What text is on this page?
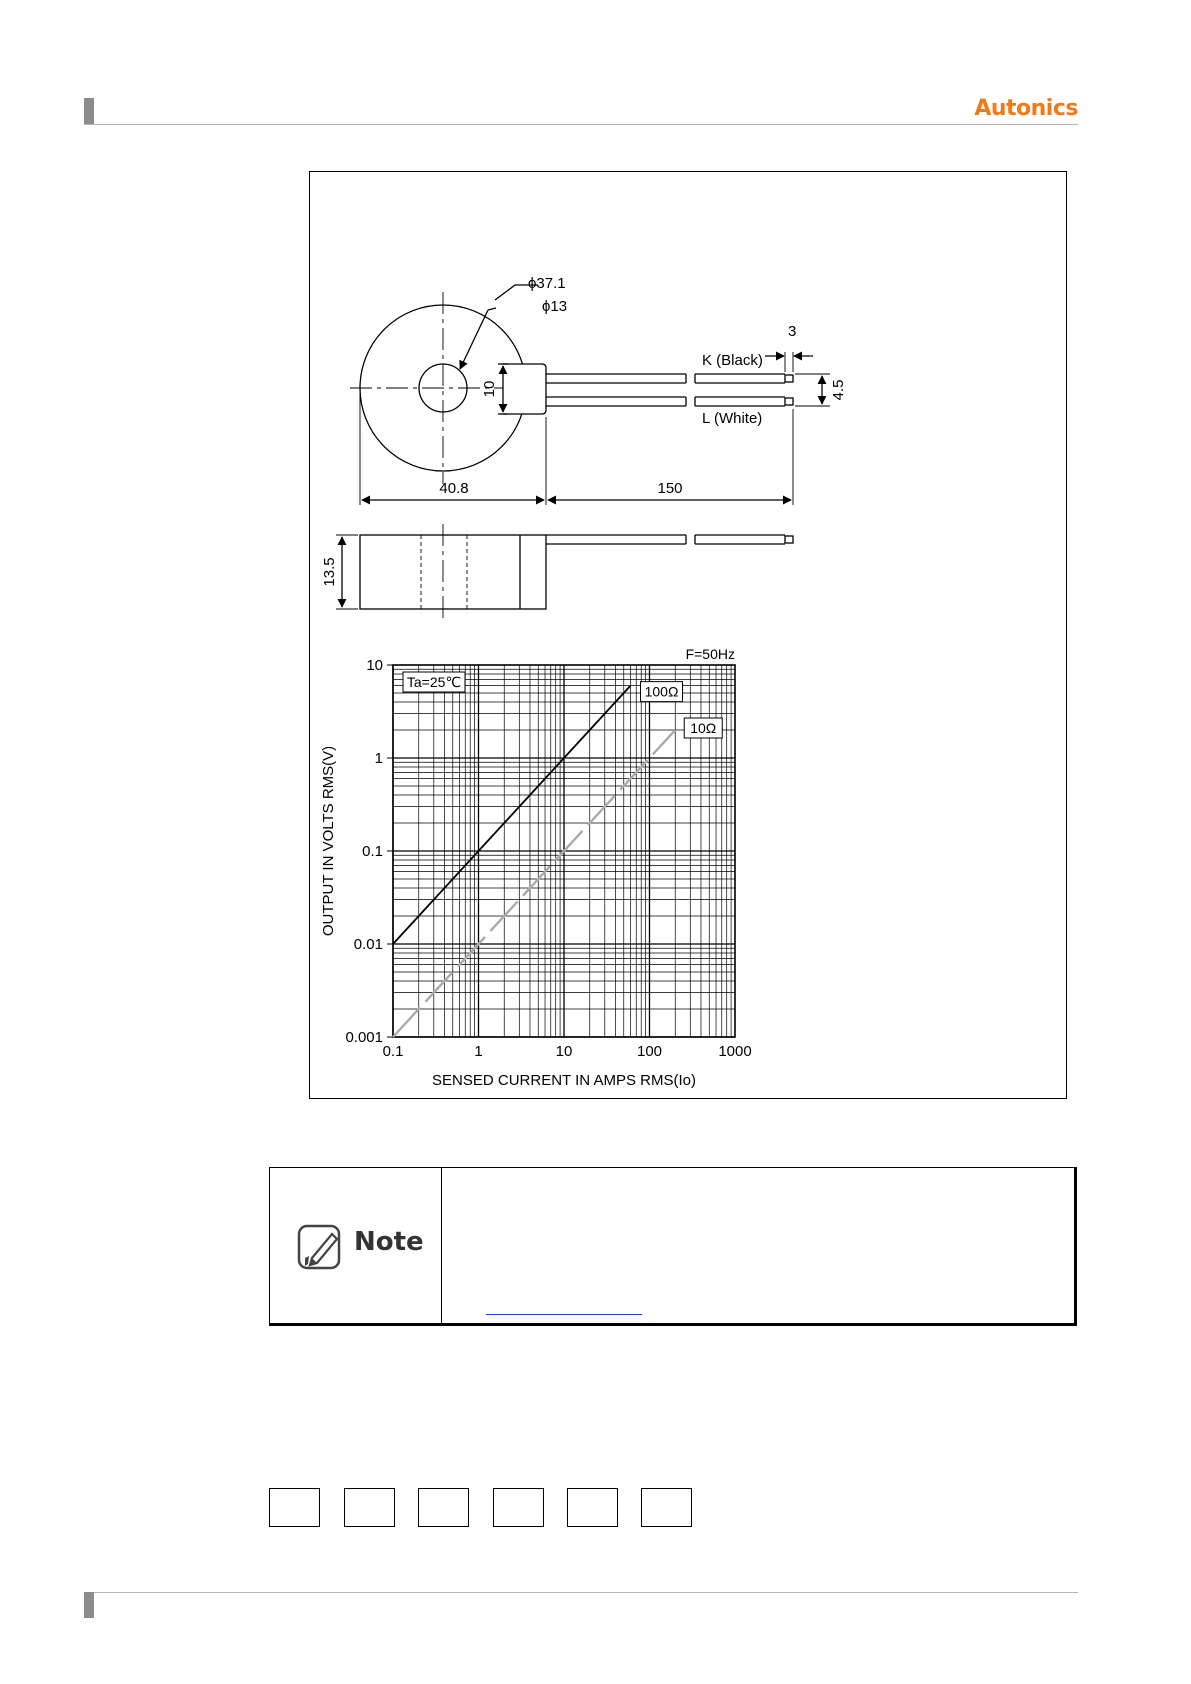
Autonics
ϕ37.1
ϕ13
3
K (Black)
L (White)
4.5
10
40.8	150
13.5
0.1	1	10	100	1000
10
1
0.1
0.01
0.001
SENSED CURRENT IN AMPS RMS(Io)
OUTPUT IN VOLTS RMS(V)
100Ω
10Ω
Ta=25℃
F=50Hz
Note
